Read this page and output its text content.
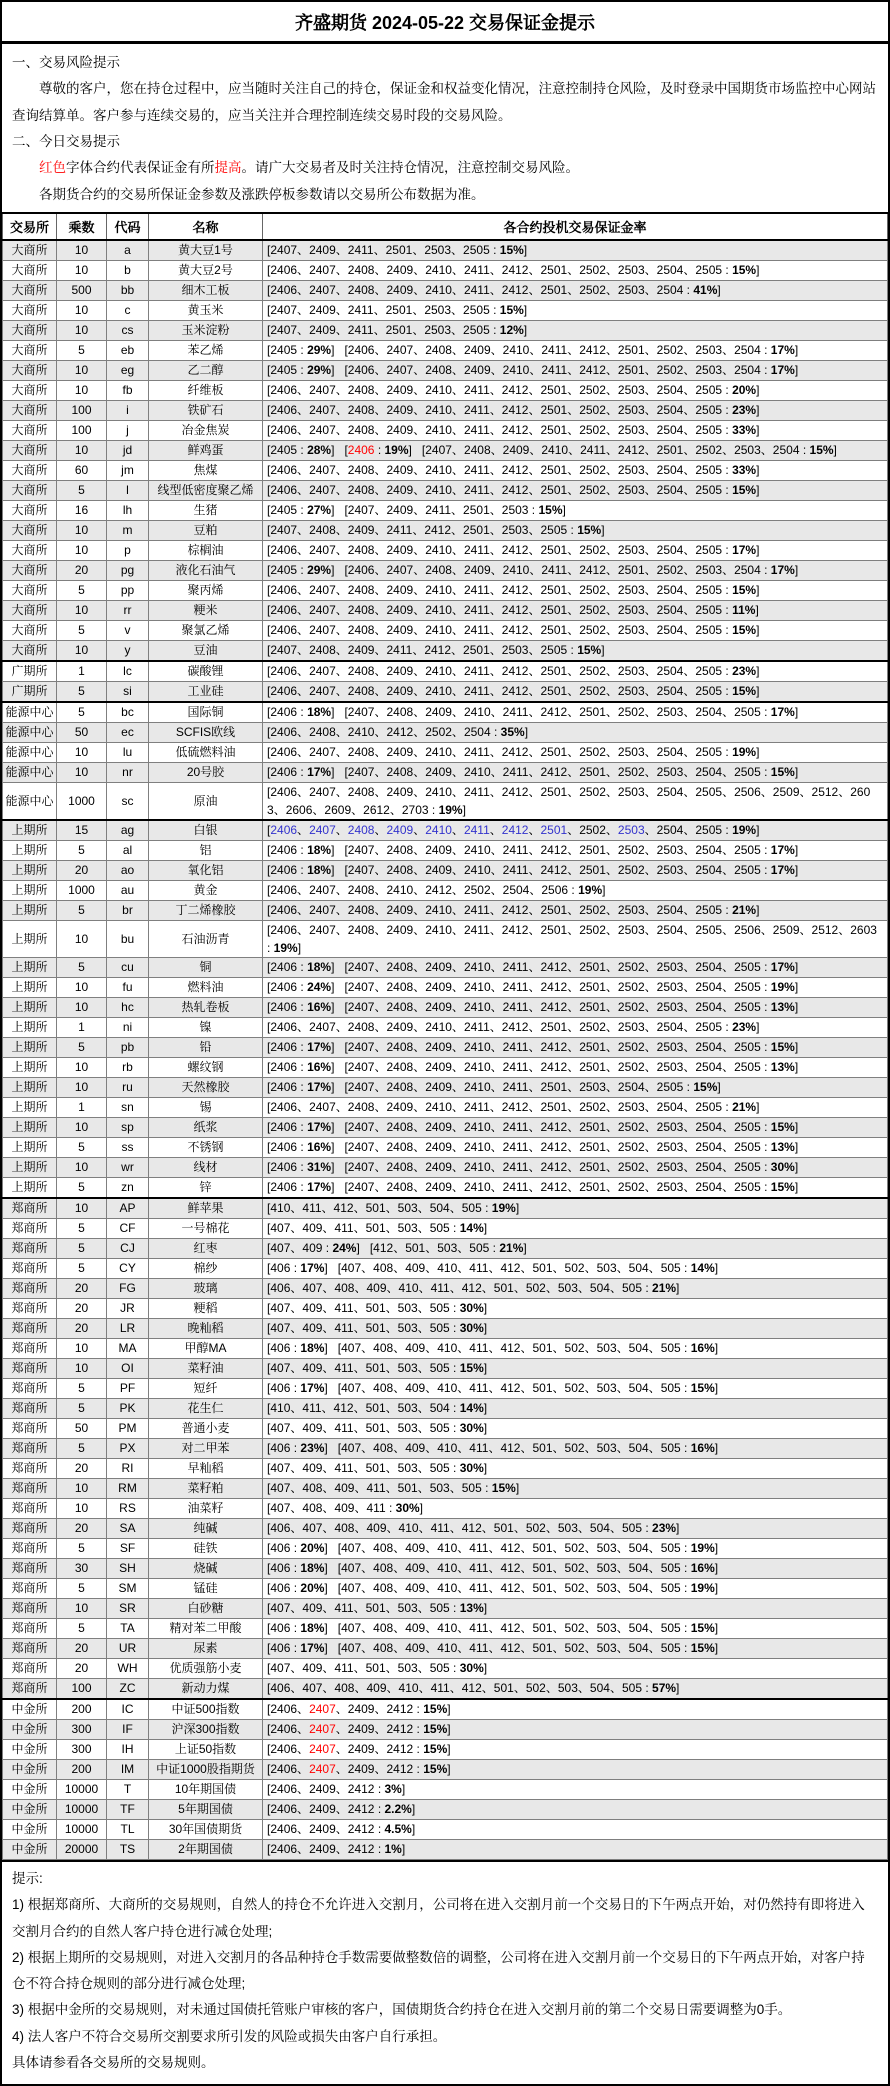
齐盛期货 2024-05-22 交易保证金提示

一、交易风险提示

尊敬的客户，您在持仓过程中，应当随时关注自己的持仓，保证金和权益变化情况，注意控制持仓风险，及时登录中国期货市场监控中心网站查询结算单。客户参与连续交易的，应当关注并合理控制连续交易时段的交易风险。

二、今日交易提示

红色字体合约代表保证金有所提高。请广大交易者及时关注持仓情况，注意控制交易风险。

各期货合约的交易所保证金参数及涨跌停板参数请以交易所公布数据为准。

交易所	乘数	代码	名称	各合约投机交易保证金率
大商所	10	a	黄大豆1号	[2407、2409、2411、2501、2503、2505 : 15%]
大商所	10	b	黄大豆2号	[2406、2407、2408、2409、2410、2411、2412、2501、2502、2503、2504、2505 : 15%]
大商所	500	bb	细木工板	[2406、2407、2408、2409、2410、2411、2412、2501、2502、2503、2504 : 41%]
大商所	10	c	黄玉米	[2407、2409、2411、2501、2503、2505 : 15%]
大商所	10	cs	玉米淀粉	[2407、2409、2411、2501、2503、2505 : 12%]
大商所	5	eb	苯乙烯	[2405 : 29%] [2406、2407、2408、2409、2410、2411、2412、2501、2502、2503、2504 : 17%]
大商所	10	eg	乙二醇	[2405 : 29%] [2406、2407、2408、2409、2410、2411、2412、2501、2502、2503、2504 : 17%]
大商所	10	fb	纤维板	[2406、2407、2408、2409、2410、2411、2412、2501、2502、2503、2504、2505 : 20%]
大商所	100	i	铁矿石	[2406、2407、2408、2409、2410、2411、2412、2501、2502、2503、2504、2505 : 23%]
大商所	100	j	冶金焦炭	[2406、2407、2408、2409、2410、2411、2412、2501、2502、2503、2504、2505 : 33%]
大商所	10	jd	鲜鸡蛋	[2405 : 28%] [2406 : 19%] [2407、2408、2409、2410、2411、2412、2501、2502、2503、2504 : 15%]
大商所	60	jm	焦煤	[2406、2407、2408、2409、2410、2411、2412、2501、2502、2503、2504、2505 : 33%]
大商所	5	l	线型低密度聚乙烯	[2406、2407、2408、2409、2410、2411、2412、2501、2502、2503、2504、2505 : 15%]
大商所	16	lh	生猪	[2405 : 27%] [2407、2409、2411、2501、2503 : 15%]
大商所	10	m	豆粕	[2407、2408、2409、2411、2412、2501、2503、2505 : 15%]
大商所	10	p	棕榈油	[2406、2407、2408、2409、2410、2411、2412、2501、2502、2503、2504、2505 : 17%]
大商所	20	pg	液化石油气	[2405 : 29%] [2406、2407、2408、2409、2410、2411、2412、2501、2502、2503、2504 : 17%]
大商所	5	pp	聚丙烯	[2406、2407、2408、2409、2410、2411、2412、2501、2502、2503、2504、2505 : 15%]
大商所	10	rr	粳米	[2406、2407、2408、2409、2410、2411、2412、2501、2502、2503、2504、2505 : 11%]
大商所	5	v	聚氯乙烯	[2406、2407、2408、2409、2410、2411、2412、2501、2502、2503、2504、2505 : 15%]
大商所	10	y	豆油	[2407、2408、2409、2411、2412、2501、2503、2505 : 15%]
广期所	1	lc	碳酸锂	[2406、2407、2408、2409、2410、2411、2412、2501、2502、2503、2504、2505 : 23%]
广期所	5	si	工业硅	[2406、2407、2408、2409、2410、2411、2412、2501、2502、2503、2504、2505 : 15%]
能源中心	5	bc	国际铜	[2406 : 18%] [2407、2408、2409、2410、2411、2412、2501、2502、2503、2504、2505 : 17%]
能源中心	50	ec	SCFIS欧线	[2406、2408、2410、2412、2502、2504 : 35%]
能源中心	10	lu	低硫燃料油	[2406、2407、2408、2409、2410、2411、2412、2501、2502、2503、2504、2505 : 19%]
能源中心	10	nr	20号胶	[2406 : 17%] [2407、2408、2409、2410、2411、2412、2501、2502、2503、2504、2505 : 15%]
能源中心	1000	sc	原油	[2406、2407、2408、2409、2410、2411、2412、2501、2502、2503、2504、2505、2506、2509、2512、2603、2606、2609、2612、2703 : 19%]
上期所	15	ag	白银	[2406、2407、2408、2409、2410、2411、2412、2501、2502、2503、2504、2505 : 19%]
上期所	5	al	铝	[2406 : 18%] [2407、2408、2409、2410、2411、2412、2501、2502、2503、2504、2505 : 17%]
上期所	20	ao	氧化铝	[2406 : 18%] [2407、2408、2409、2410、2411、2412、2501、2502、2503、2504、2505 : 17%]
上期所	1000	au	黄金	[2406、2407、2408、2410、2412、2502、2504、2506 : 19%]
上期所	5	br	丁二烯橡胶	[2406、2407、2408、2409、2410、2411、2412、2501、2502、2503、2504、2505 : 21%]
上期所	10	bu	石油沥青	[2406、2407、2408、2409、2410、2411、2412、2501、2502、2503、2504、2505、2506、2509、2512、2603 : 19%]
上期所	5	cu	铜	[2406 : 18%] [2407、2408、2409、2410、2411、2412、2501、2502、2503、2504、2505 : 17%]
上期所	10	fu	燃料油	[2406 : 24%] [2407、2408、2409、2410、2411、2412、2501、2502、2503、2504、2505 : 19%]
上期所	10	hc	热轧卷板	[2406 : 16%] [2407、2408、2409、2410、2411、2412、2501、2502、2503、2504、2505 : 13%]
上期所	1	ni	镍	[2406、2407、2408、2409、2410、2411、2412、2501、2502、2503、2504、2505 : 23%]
上期所	5	pb	铅	[2406 : 17%] [2407、2408、2409、2410、2411、2412、2501、2502、2503、2504、2505 : 15%]
上期所	10	rb	螺纹钢	[2406 : 16%] [2407、2408、2409、2410、2411、2412、2501、2502、2503、2504、2505 : 13%]
上期所	10	ru	天然橡胶	[2406 : 17%] [2407、2408、2409、2410、2411、2501、2503、2504、2505 : 15%]
上期所	1	sn	锡	[2406、2407、2408、2409、2410、2411、2412、2501、2502、2503、2504、2505 : 21%]
上期所	10	sp	纸浆	[2406 : 17%] [2407、2408、2409、2410、2411、2412、2501、2502、2503、2504、2505 : 15%]
上期所	5	ss	不锈钢	[2406 : 16%] [2407、2408、2409、2410、2411、2412、2501、2502、2503、2504、2505 : 13%]
上期所	10	wr	线材	[2406 : 31%] [2407、2408、2409、2410、2411、2412、2501、2502、2503、2504、2505 : 30%]
上期所	5	zn	锌	[2406 : 17%] [2407、2408、2409、2410、2411、2412、2501、2502、2503、2504、2505 : 15%]
郑商所	10	AP	鲜苹果	[410、411、412、501、503、504、505 : 19%]
郑商所	5	CF	一号棉花	[407、409、411、501、503、505 : 14%]
郑商所	5	CJ	红枣	[407、409 : 24%] [412、501、503、505 : 21%]
郑商所	5	CY	棉纱	[406 : 17%] [407、408、409、410、411、412、501、502、503、504、505 : 14%]
郑商所	20	FG	玻璃	[406、407、408、409、410、411、412、501、502、503、504、505 : 21%]
郑商所	20	JR	粳稻	[407、409、411、501、503、505 : 30%]
郑商所	20	LR	晚籼稻	[407、409、411、501、503、505 : 30%]
郑商所	10	MA	甲醇MA	[406 : 18%] [407、408、409、410、411、412、501、502、503、504、505 : 16%]
郑商所	10	OI	菜籽油	[407、409、411、501、503、505 : 15%]
郑商所	5	PF	短纤	[406 : 17%] [407、408、409、410、411、412、501、502、503、504、505 : 15%]
郑商所	5	PK	花生仁	[410、411、412、501、503、504 : 14%]
郑商所	50	PM	普通小麦	[407、409、411、501、503、505 : 30%]
郑商所	5	PX	对二甲苯	[406 : 23%] [407、408、409、410、411、412、501、502、503、504、505 : 16%]
郑商所	20	RI	早籼稻	[407、409、411、501、503、505 : 30%]
郑商所	10	RM	菜籽粕	[407、408、409、411、501、503、505 : 15%]
郑商所	10	RS	油菜籽	[407、408、409、411 : 30%]
郑商所	20	SA	纯碱	[406、407、408、409、410、411、412、501、502、503、504、505 : 23%]
郑商所	5	SF	硅铁	[406 : 20%] [407、408、409、410、411、412、501、502、503、504、505 : 19%]
郑商所	30	SH	烧碱	[406 : 18%] [407、408、409、410、411、412、501、502、503、504、505 : 16%]
郑商所	5	SM	锰硅	[406 : 20%] [407、408、409、410、411、412、501、502、503、504、505 : 19%]
郑商所	10	SR	白砂糖	[407、409、411、501、503、505 : 13%]
郑商所	5	TA	精对苯二甲酸	[406 : 18%] [407、408、409、410、411、412、501、502、503、504、505 : 15%]
郑商所	20	UR	尿素	[406 : 17%] [407、408、409、410、411、412、501、502、503、504、505 : 15%]
郑商所	20	WH	优质强筋小麦	[407、409、411、501、503、505 : 30%]
郑商所	100	ZC	新动力煤	[406、407、408、409、410、411、412、501、502、503、504、505 : 57%]
中金所	200	IC	中证500指数	[2406、2407、2409、2412 : 15%]
中金所	300	IF	沪深300指数	[2406、2407、2409、2412 : 15%]
中金所	300	IH	上证50指数	[2406、2407、2409、2412 : 15%]
中金所	200	IM	中证1000股指期货	[2406、2407、2409、2412 : 15%]
中金所	10000	T	10年期国债	[2406、2409、2412 : 3%]
中金所	10000	TF	5年期国债	[2406、2409、2412 : 2.2%]
中金所	10000	TL	30年国债期货	[2406、2409、2412 : 4.5%]
中金所	20000	TS	2年期国债	[2406、2409、2412 : 1%]

提示:

1) 根据郑商所、大商所的交易规则，自然人的持仓不允许进入交割月，公司将在进入交割月前一个交易日的下午两点开始，对仍然持有即将进入交割月合约的自然人客户持仓进行减仓处理;

2) 根据上期所的交易规则，对进入交割月的各品种持仓手数需要做整数倍的调整，公司将在进入交割月前一个交易日的下午两点开始，对客户持仓不符合持仓规则的部分进行减仓处理;

3) 根据中金所的交易规则，对未通过国债托管账户审核的客户，国债期货合约持仓在进入交割月前的第二个交易日需要调整为0手。

4) 法人客户不符合交易所交割要求所引发的风险或损失由客户自行承担。

具体请参看各交易所的交易规则。
